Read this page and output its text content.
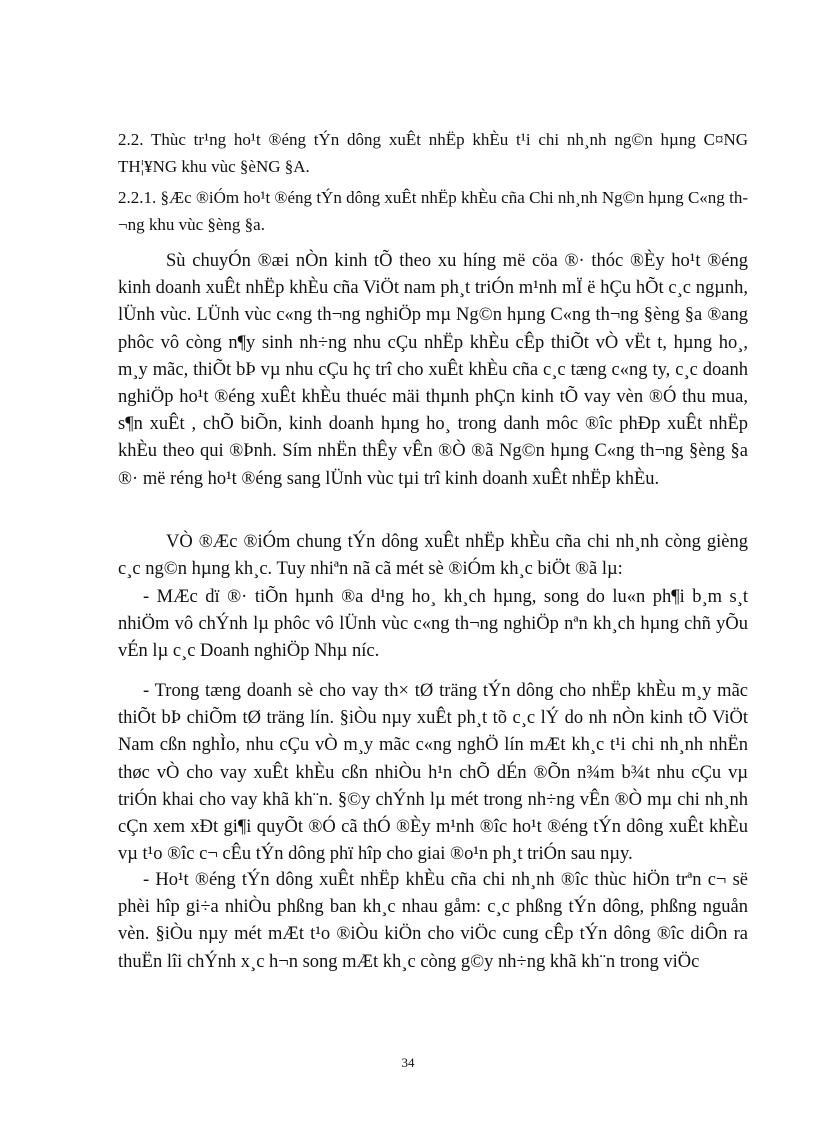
2.2. Thùc tr¹ng ho¹t ®éng tÝn dông xuÊt nhËp khÈu t¹i chi nh¸nh ng©n hµng C¤NG TH¦¥NG khu vùc §èNG §A.

2.2.1. §Æc ®iÓm ho¹t ®éng tÝn dông xuÊt nhËp khÈu cña Chi nh¸nh Ng©n hµng C«ng th¬ng khu vùc §èng §a.

Sù chuyÓn ®æi nÒn kinh tÕ theo xu híng më cöa ®· thóc ®Èy ho¹t ®éng kinh doanh xuÊt nhËp khÈu cña ViÖt nam ph¸t triÓn m¹nh mÏ ë hÇu hÕt c¸c ngµnh, lÜnh vùc. LÜnh vùc c«ng th¬ng nghiÖp mµ Ng©n hµng C«ng th¬ng §èng §a ®ang phôc vô còng n¶y sinh nh÷ng nhu cÇu nhËp khÈu cÊp thiÕt vÒ vËt t, hµng ho¸, m¸y mãc, thiÕt bÞ vµ nhu cÇu hç trî cho xuÊt khÈu cña c¸c tæng c«ng ty, c¸c doanh nghiÖp ho¹t ®éng xuÊt khÈu thuéc mäi thµnh phÇn kinh tÕ vay vèn ®Ó thu mua, s¶n xuÊt , chÕ biÕn, kinh doanh hµng ho¸ trong danh môc ®îc phÐp xuÊt nhËp khÈu theo qui ®Þnh. Sím nhËn thÊy vÊn ®Ò ®ã Ng©n hµng C«ng th¬ng §èng §a ®· më réng ho¹t ®éng sang lÜnh vùc tµi trî kinh doanh xuÊt nhËp khÈu.

VÒ ®Æc ®iÓm chung tÝn dông xuÊt nhËp khÈu cña chi nh¸nh còng gièng c¸c ng©n hµng kh¸c. Tuy nhiªn nã cã mét sè ®iÓm kh¸c biÖt ®ã lµ:

- MÆc dï ®· tiÕn hµnh ®a d¹ng ho¸ kh¸ch hµng, song do lu«n ph¶i b¸m s¸t nhiÖm vô chÝnh lµ phôc vô lÜnh vùc c«ng th¬ng nghiÖp nªn kh¸ch hµng chñ yÕu vÉn lµ c¸c Doanh nghiÖp Nhµ níc.

- Trong tæng doanh sè cho vay th× tØ träng tÝn dông cho nhËp khÈu m¸y mãc thiÕt bÞ chiÕm tØ träng lín. §iÒu nµy xuÊt ph¸t tõ c¸c lÝ do nh nÒn kinh tÕ ViÖt Nam cßn nghÌo, nhu cÇu vÒ m¸y mãc c«ng nghÖ lín mÆt kh¸c t¹i chi nh¸nh nhËn thøc vÒ cho vay xuÊt khÈu cßn nhiÒu h¹n chÕ dÉn ®Õn n¾m b¾t nhu cÇu vµ triÓn khai cho vay khã kh¨n. §©y chÝnh lµ mét trong nh÷ng vÊn ®Ò mµ chi nh¸nh cÇn xem xÐt gi¶i quyÕt ®Ó cã thÓ ®Èy m¹nh ®îc ho¹t ®éng tÝn dông xuÊt khÈu vµ t¹o ®îc c¬ cÊu tÝn dông phï hîp cho giai ®o¹n ph¸t triÓn sau nµy.

- Ho¹t ®éng tÝn dông xuÊt nhËp khÈu cña chi nh¸nh ®îc thùc hiÖn trªn c¬ së phèi hîp gi÷a nhiÒu phßng ban kh¸c nhau gåm: c¸c phßng tÝn dông, phßng nguån vèn. §iÒu nµy mét mÆt t¹o ®iÒu kiÖn cho viÖc cung cÊp tÝn dông ®îc diÔn ra thuËn lîi chÝnh x¸c h¬n song mÆt kh¸c còng g©y nh÷ng khã kh¨n trong viÖc

34
